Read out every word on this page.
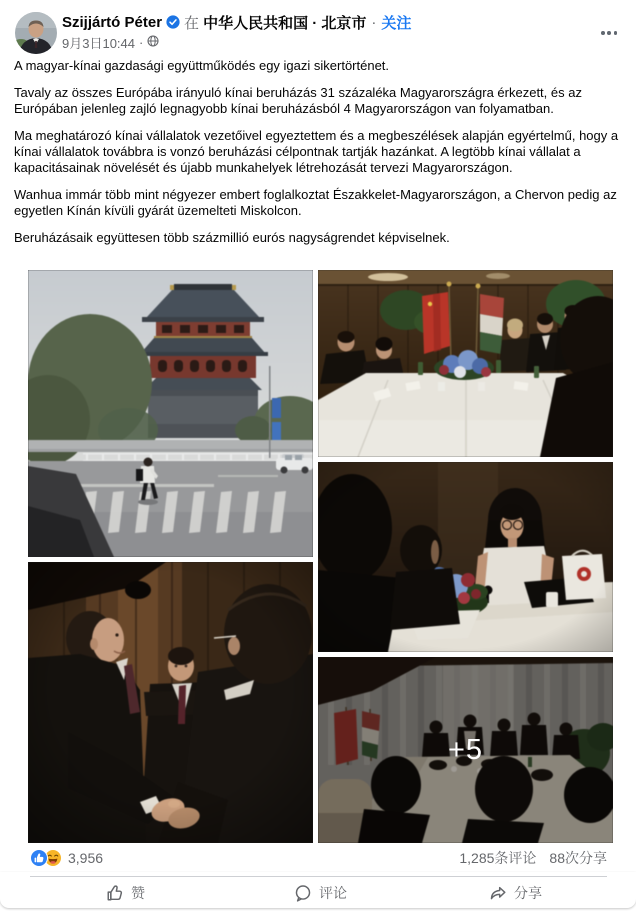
Szijjártó Péter 在 中华人民共和国 · 北京市 · 关注
9月3日10:44 ·

A magyar-kínai gazdasági együttműködés egy igazi sikertörténet.

Tavaly az összes Európába irányuló kínai beruházás 31 százaléka Magyarországra érkezett, és az Európában jelenleg zajló legnagyobb kínai beruházásból 4 Magyarországon van folyamatban.

Ma meghatározó kínai vállalatok vezetőivel egyeztettem és a megbeszélések alapján egyértelmű, hogy a kínai vállalatok továbbra is vonzó beruházási célpontnak tartják hazánkat. A legtöbb kínai vállalat a kapacitásainak növelését és újabb munkahelyek létrehozását tervezi Magyarországon.

Wanhua immár több mint négyezer embert foglalkoztat Északkelet-Magyarországon, a Chervon pedig az egyetlen Kínán kívüli gyárát üzemelteti Miskolcon.

Beruházásaik együttesen több százmillió eurós nagyságrendet képviselnek.

+5
3,956	1,285条评论 88次分享
赞	评论	分享
